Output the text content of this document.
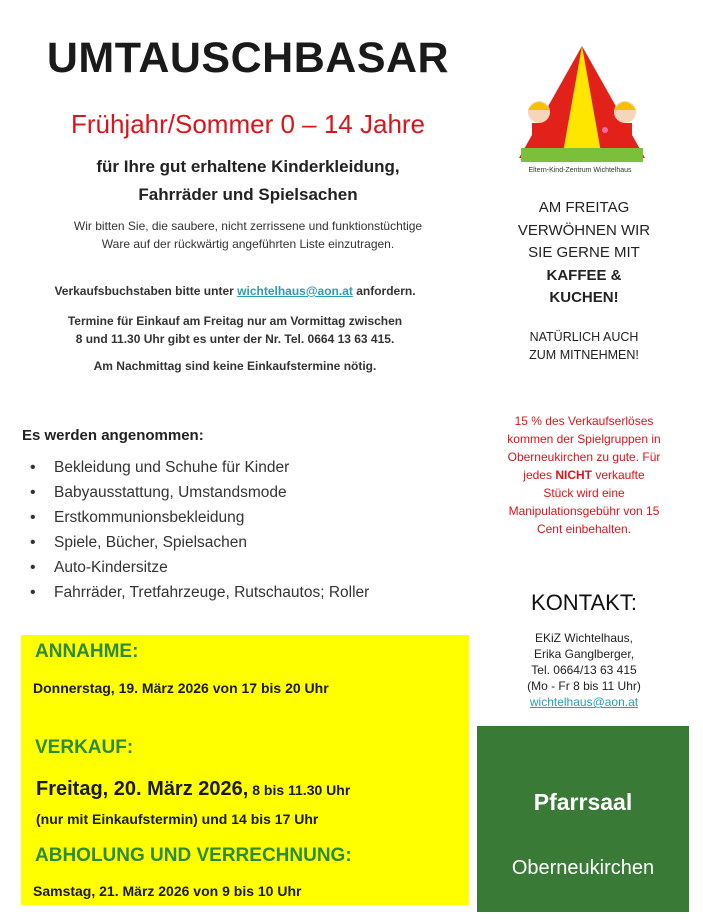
UMTAUSCHBASAR
Frühjahr/Sommer 0 – 14 Jahre
für Ihre gut erhaltene Kinderkleidung,
Fahrräder und Spielsachen
Wir bitten Sie, die saubere, nicht zerrissene und funktionstüchtige
Ware auf der rückwärtig angeführten Liste einzutragen.
Verkaufsbuchstaben bitte unter wichtelhaus@aon.at anfordern.
Termine für Einkauf am Freitag nur am Vormittag zwischen
8 und 11.30 Uhr gibt es unter der Nr. Tel. 0664 13 63 415.
Am Nachmittag sind keine Einkaufstermine nötig.
Es werden angenommen:
• Bekleidung und Schuhe für Kinder
• Babyausstattung, Umstandsmode
• Erstkommunionsbekleidung
• Spiele, Bücher, Spielsachen
• Auto-Kindersitze
• Fahrräder, Tretfahrzeuge, Rutschautos; Roller
ANNAHME:
Donnerstag, 19. März 2026 von 17 bis 20 Uhr
VERKAUF:
Freitag, 20. März 2026, 8 bis 11.30 Uhr
(nur mit Einkaufstermin) und 14 bis 17 Uhr
ABHOLUNG UND VERRECHNUNG:
Samstag, 21. März 2026 von 9 bis 10 Uhr
Eltern-Kind-Zentrum Wichtelhaus
AM FREITAG
VERWÖHNEN WIR
SIE GERNE MIT
KAFFEE &
KUCHEN!
NATÜRLICH AUCH
ZUM MITNEHMEN!
15 % des Verkaufserlöses
kommen der Spielgruppen in
Oberneukirchen zu gute. Für
jedes NICHT verkaufte
Stück wird eine
Manipulationsgebühr von 15
Cent einbehalten.
KONTAKT:
EKiZ Wichtelhaus,
Erika Ganglberger,
Tel. 0664/13 63 415
(Mo - Fr 8 bis 11 Uhr)
wichtelhaus@aon.at
Pfarrsaal
Oberneukirchen
